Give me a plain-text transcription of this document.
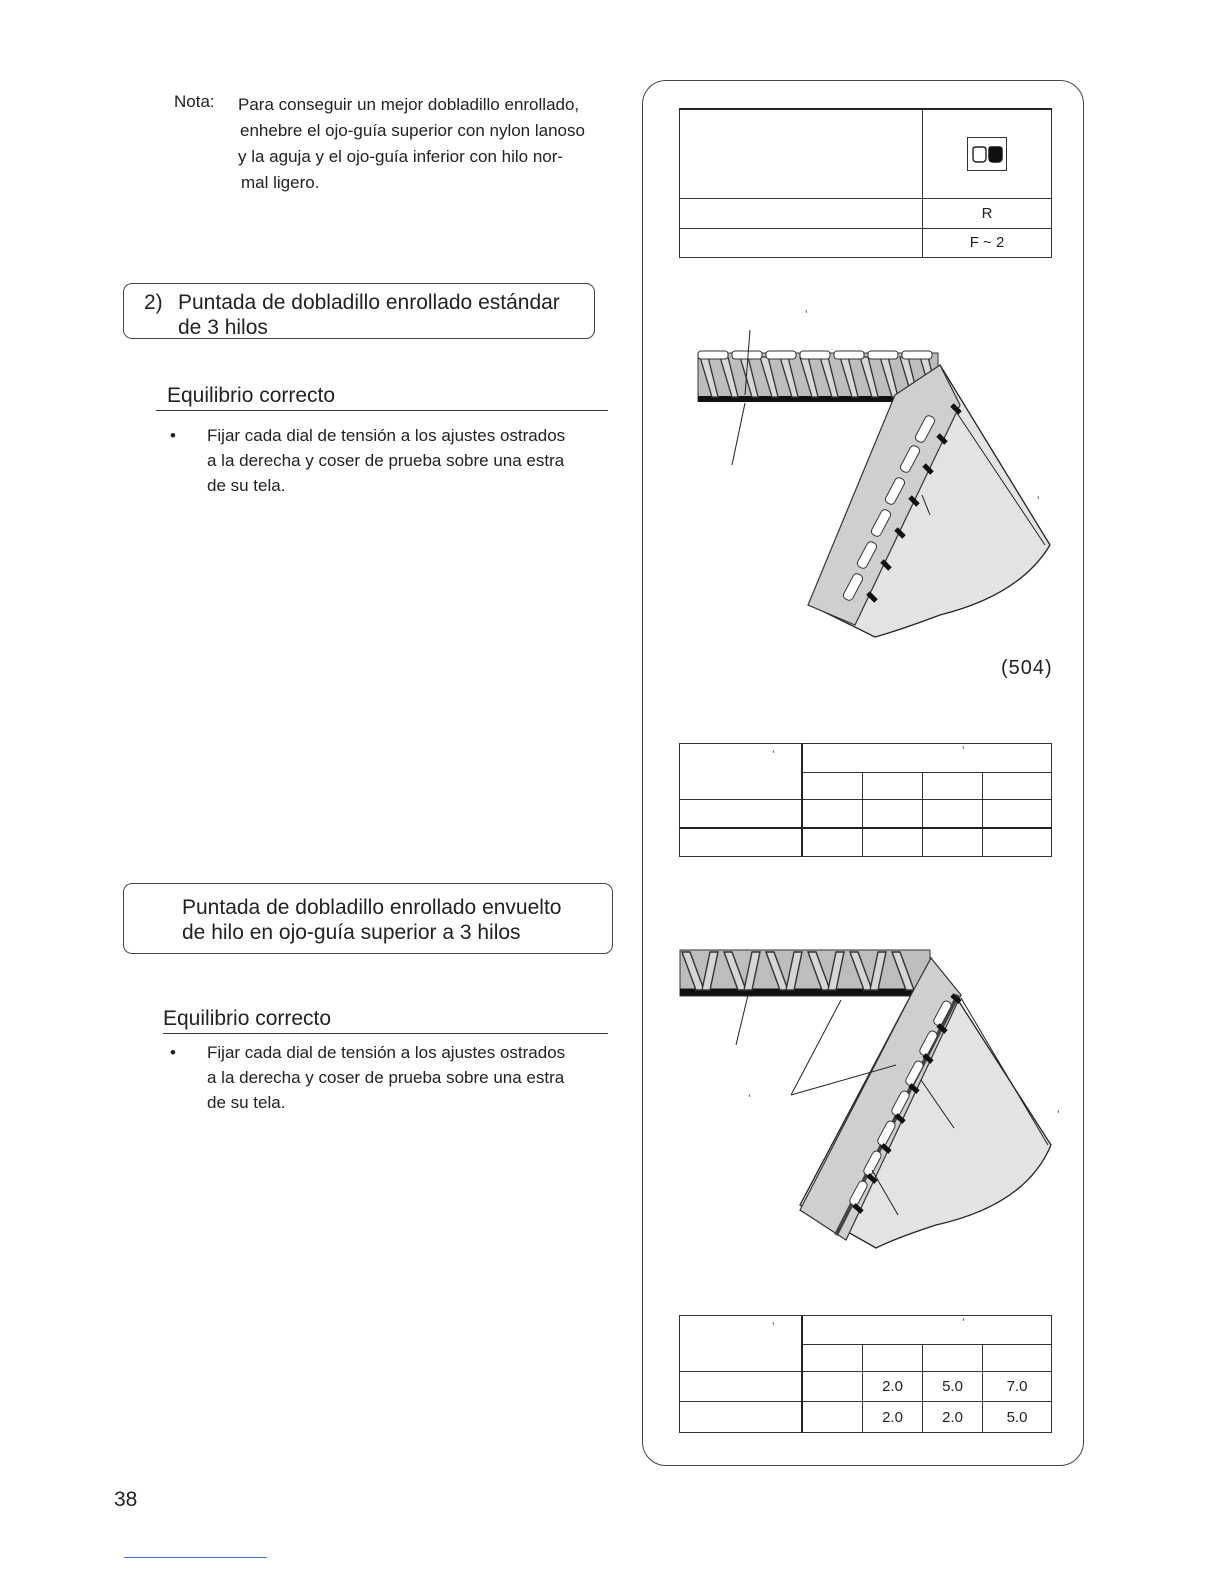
Nota: Para conseguir un mejor dobladillo enrollado,
enhebre el ojo-guía superior con nylon lanoso
y la aguja y el ojo-guía inferior con hilo nor-
mal ligero.
2) Puntada de dobladillo enrollado estándar
de 3 hilos
Equilibrio correcto
• Fijar cada dial de tensión a los ajustes ostrados
a la derecha y coser de prueba sobre una estra
de su tela.
Puntada de dobladillo enrollado envuelto
de hilo en ojo-guía superior a 3 hilos
Equilibrio correcto
• Fijar cada dial de tensión a los ajustes ostrados
a la derecha y coser de prueba sobre una estra
de su tela.
38

	R
	F ~ 2
ʼ
ʼ
(504)

ʼ	ʼ
ʼ
ʼ

		2.0	5.0	7.0
		2.0	2.0	5.0
ʼ	ʼ
